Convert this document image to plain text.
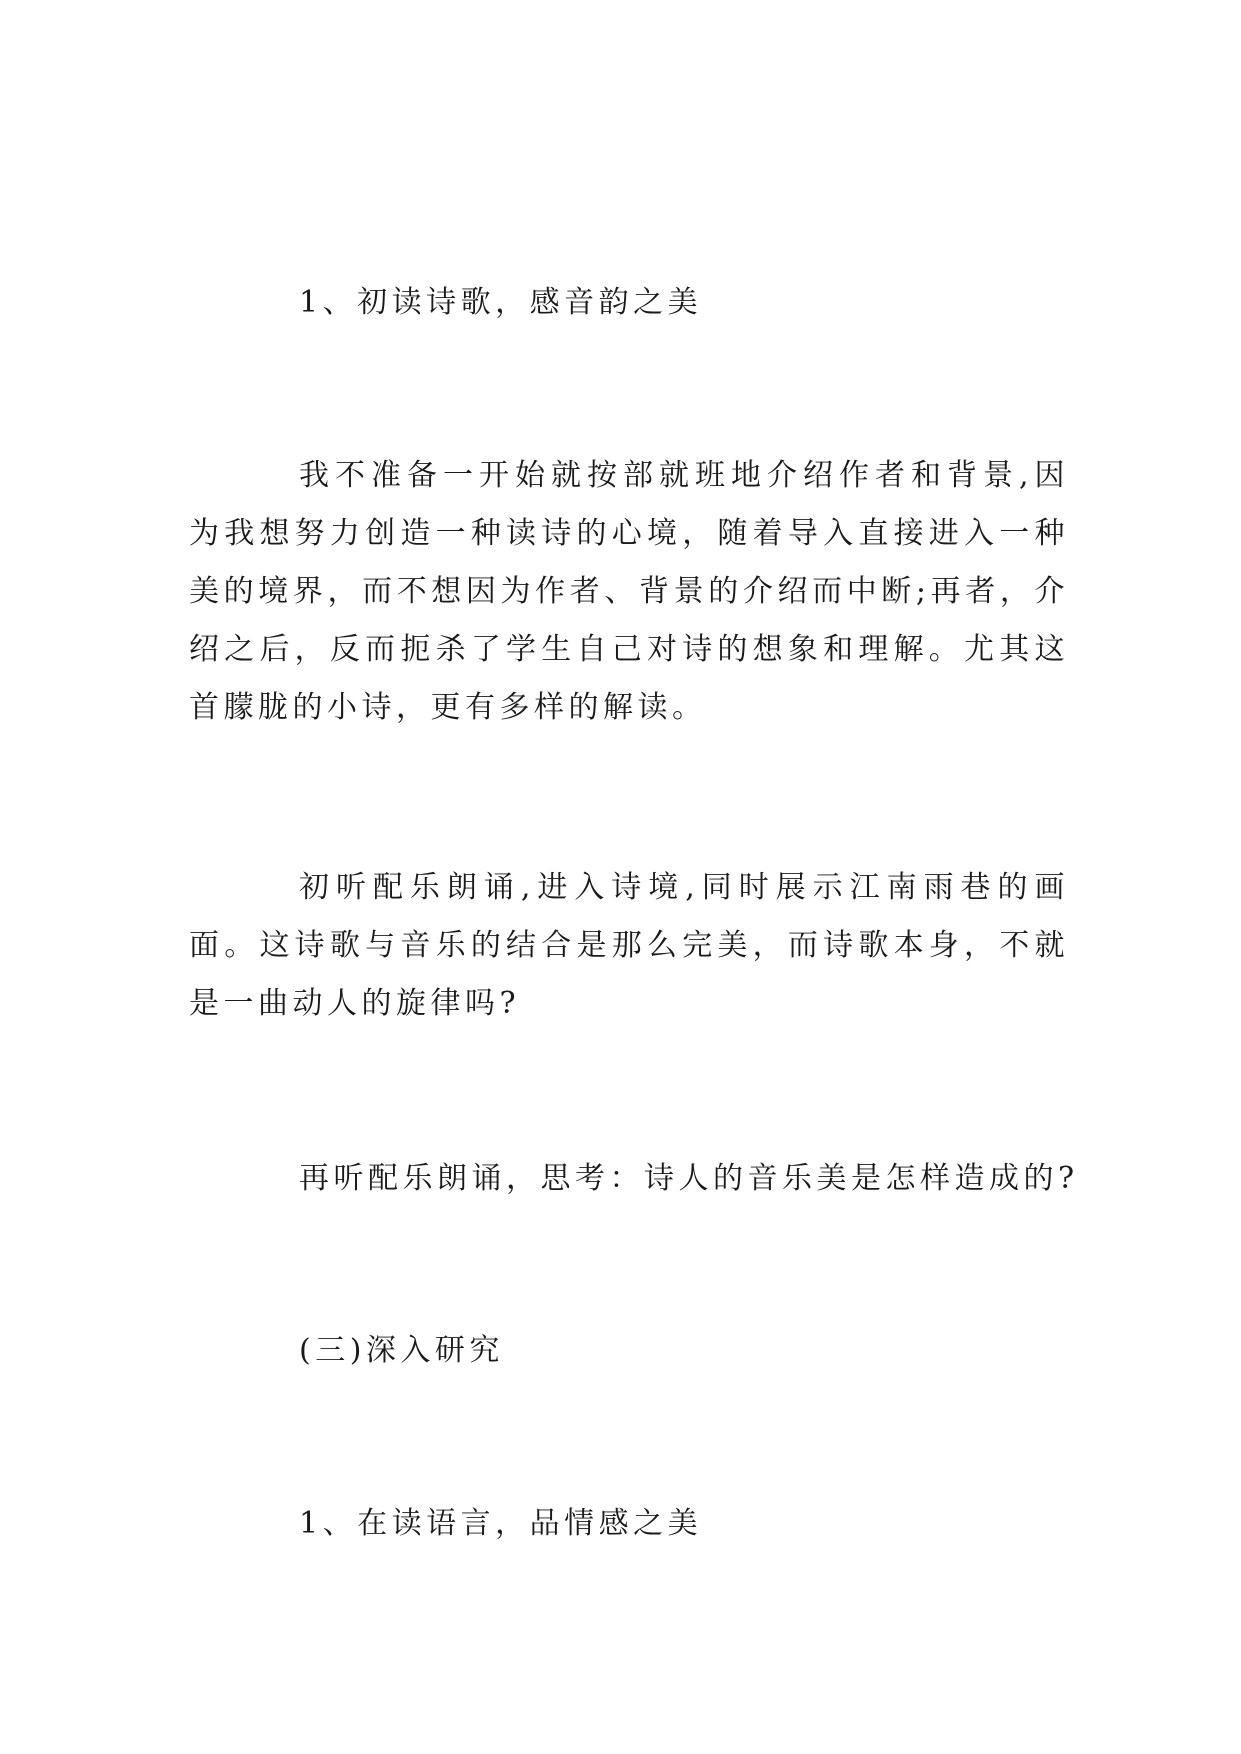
1、初读诗歌，感音韵之美

我不准备一开始就按部就班地介绍作者和背景,因为我想努力创造一种读诗的心境，随着导入直接进入一种美的境界，而不想因为作者、背景的介绍而中断;再者，介绍之后，反而扼杀了学生自己对诗的想象和理解。尤其这首朦胧的小诗，更有多样的解读。

初听配乐朗诵,进入诗境,同时展示江南雨巷的画面。这诗歌与音乐的结合是那么完美，而诗歌本身，不就是一曲动人的旋律吗?

再听配乐朗诵，思考：诗人的音乐美是怎样造成的?

(三)深入研究

1、在读语言，品情感之美
